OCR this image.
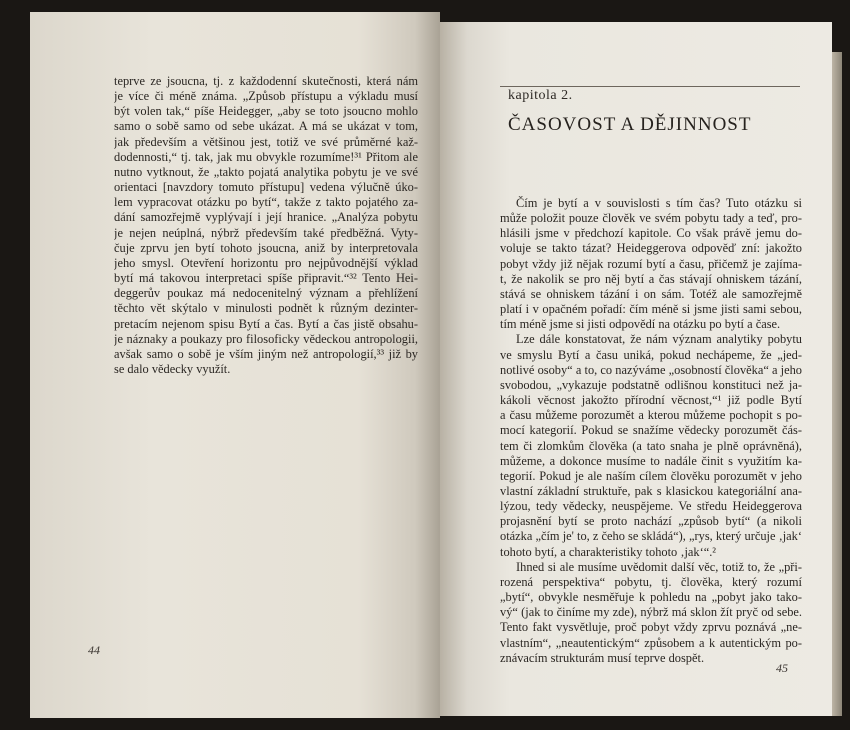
teprve ze jsoucna, tj. z každodenní skutečnosti, která nám
je více či méně známa. „Způsob přístupu a výkladu musí
být volen tak,“ píše Heidegger, „aby se toto jsoucno mohlo
samo o sobě samo od sebe ukázat. A má se ukázat v tom,
jak především a většinou jest, totiž ve své průměrné kaž-
dodennosti,“ tj. tak, jak mu obvykle rozumíme!³¹ Přitom ale
nutno vytknout, že „takto pojatá analytika pobytu je ve své
orientaci [navzdory tomuto přístupu] vedena výlučně úko-
lem vypracovat otázku po bytí“, takže z takto pojatého za-
dání samozřejmě vyplývají i její hranice. „Analýza pobytu
je nejen neúplná, nýbrž především také předběžná. Vyty-
čuje zprvu jen bytí tohoto jsoucna, aniž by interpretovala
jeho smysl. Otevření horizontu pro nejpůvodnější výklad
bytí má takovou interpretaci spíše připravit.“³² Tento Hei-
deggerův poukaz má nedocenitelný význam a přehlížení
těchto vět skýtalo v minulosti podnět k různým dezinter-
pretacím nejenom spisu Bytí a čas. Bytí a čas jistě obsahu-
je náznaky a poukazy pro filosoficky vědeckou antropologii,
avšak samo o sobě je vším jiným než antropologií,³³ již by
se dalo vědecky využít.

44
kapitola 2.
ČASOVOST A DĚJINNOST

Čím je bytí a v souvislosti s tím čas? Tuto otázku si
může položit pouze člověk ve svém pobytu tady a teď, pro-
hlásili jsme v předchozí kapitole. Co však právě jemu do-
voluje se takto tázat? Heideggerova odpověď zní: jakožto
pobyt vždy již nějak rozumí bytí a času, přičemž je zajíma-
t, že nakolik se pro něj bytí a čas stávají ohniskem tázání,
stává se ohniskem tázání i on sám. Totéž ale samozřejmě
platí i v opačném pořadí: čím méně si jsme jisti sami sebou,
tím méně jsme si jisti odpovědí na otázku po bytí a čase.
Lze dále konstatovat, že nám význam analytiky pobytu
ve smyslu Bytí a času uniká, pokud nechápeme, že „jed-
notlivé osoby“ a to, co nazýváme „osobností člověka“ a jeho
svobodou, „vykazuje podstatně odlišnou konstituci než ja-
kákoli věcnost jakožto přírodní věcnost,“¹ již podle Bytí
a času můžeme porozumět a kterou můžeme pochopit s po-
mocí kategorií. Pokud se snažíme vědecky porozumět čás-
tem či zlomkům člověka (a tato snaha je plně oprávněná),
můžeme, a dokonce musíme to nadále činit s využitím ka-
tegorií. Pokud je ale naším cílem člověku porozumět v jeho
vlastní základní struktuře, pak s klasickou kategoriální ana-
lýzou, tedy vědecky, neuspějeme. Ve středu Heideggerova
projasnění bytí se proto nachází „způsob bytí“ (a nikoli
otázka „čím je' to, z čeho se skládá“), „rys, který určuje ‚jak‘
tohoto bytí, a charakteristiky tohoto ‚jak‘“.²
Ihned si ale musíme uvědomit další věc, totiž to, že „při-
rozená perspektiva“ pobytu, tj. člověka, který rozumí
„bytí“, obvykle nesměřuje k pohledu na „pobyt jako tako-
vý“ (jak to činíme my zde), nýbrž má sklon žít pryč od sebe.
Tento fakt vysvětluje, proč pobyt vždy zprvu poznává „ne-
vlastním“, „neautentickým“ způsobem a k autentickým po-
znávacím strukturám musí teprve dospět.

45
